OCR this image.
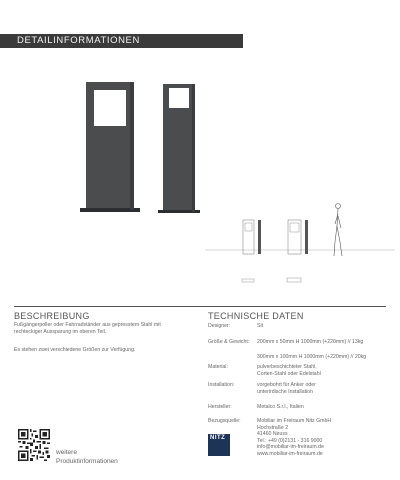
DETAILINFORMATIONEN
BESCHREIBUNG
Fußgängerpoller oder Fahrradständer aus gepresstem Stahl mit
rechteckiger Aussparung im oberen Teil.
Es stehen zwei verschiedene Größen zur Verfügung.
TECHNISCHE DATEN
Designer:	Sit
Größe & Gewicht:	200mm x 50mm H 1000mm (+220mm) // 13kg
300mm x 100mm H 1000mm (+220mm) // 20kg
Material:	pulverbeschichteter Stahl,
Corten-Stahl oder Edelstahl
Installation:	vorgebohrt für Anker oder
unterirdische Installation
Hersteller:	Metalco S.r.l., Italien
Bezugsquelle:	Mobiliar im Freiraum Nitz GmbH
Hochstraße 2
41460 Neuss
Tel.: +49 (0)2131 - 316 9000
info@mobiliar-im-freiraum.de
www.mobiliar-im-freiraum.de
NITZ
weitere
Produktinformationen
